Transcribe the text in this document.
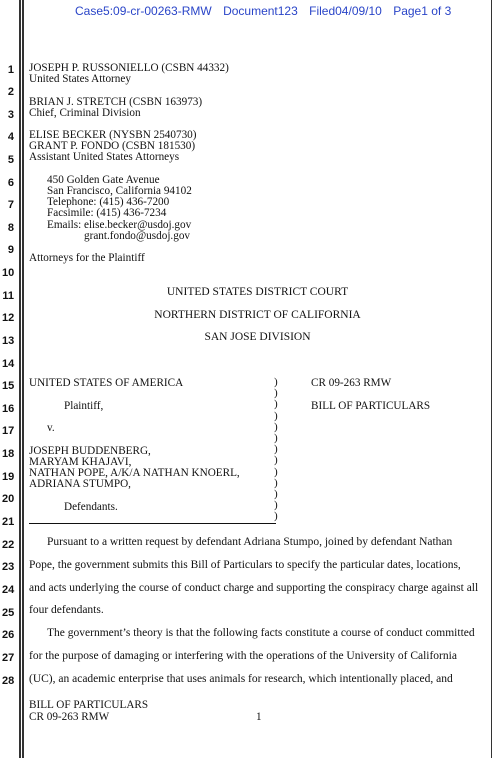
Case5:09-cr-00263-RMW Document123 Filed04/09/10 Page1 of 3
1
2
3
4
5
6
7
8
9
10
11
12
13
14
15
16
17
18
19
20
21
22
23
24
25
26
27
28
JOSEPH P. RUSSONIELLO (CSBN 44332)
United States Attorney
BRIAN J. STRETCH (CSBN 163973)
Chief, Criminal Division
ELISE BECKER (NYSBN 2540730)
GRANT P. FONDO (CSBN 181530)
Assistant United States Attorneys
450 Golden Gate Avenue
San Francisco, California 94102
Telephone: (415) 436-7200
Facsimile: (415) 436-7234
Emails: elise.becker@usdoj.gov
grant.fondo@usdoj.gov
Attorneys for the Plaintiff
UNITED STATES DISTRICT COURT
NORTHERN DISTRICT OF CALIFORNIA
SAN JOSE DIVISION
UNITED STATES OF AMERICA
Plaintiff,
v.
JOSEPH BUDDENBERG,
MARYAM KHAJAVI,
NATHAN POPE, A/K/A NATHAN KNOERL,
ADRIANA STUMPO,
Defendants.
)
)
)
)
)
)
)
)
)
)
)
)
)
CR 09-263 RMW
BILL OF PARTICULARS
Pursuant to a written request by defendant Adriana Stumpo, joined by defendant Nathan
Pope, the government submits this Bill of Particulars to specify the particular dates, locations,
and acts underlying the course of conduct charge and supporting the conspiracy charge against all
four defendants.
The government’s theory is that the following facts constitute a course of conduct committed
for the purpose of damaging or interfering with the operations of the University of California
(UC), an academic enterprise that uses animals for research, which intentionally placed, and
BILL OF PARTICULARS
CR 09-263 RMW	1
